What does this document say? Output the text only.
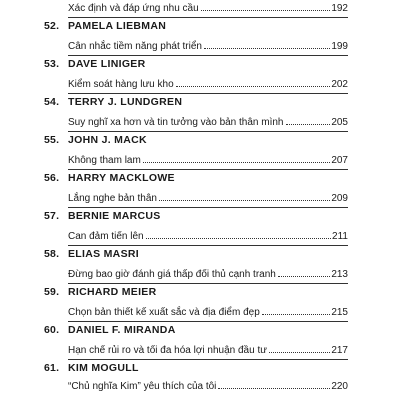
Xác định và đáp ứng nhu cầu	192
52. PAMELA LIEBMAN
Cân nhắc tiềm năng phát triển	199
53. DAVE LINIGER
Kiểm soát hàng lưu kho	202
54. TERRY J. LUNDGREN
Suy nghĩ xa hơn và tin tưởng vào bản thân mình	205
55. JOHN J. MACK
Không tham lam	207
56. HARRY MACKLOWE
Lắng nghe bản thân	209
57. BERNIE MARCUS
Can đảm tiến lên	211
58. ELIAS MASRI
Đừng bao giờ đánh giá thấp đối thủ cạnh tranh	213
59. RICHARD MEIER
Chọn bản thiết kế xuất sắc và địa điểm đẹp	215
60. DANIEL F. MIRANDA
Hạn chế rủi ro và tối đa hóa lợi nhuận đầu tư	217
61. KIM MOGULL
“Chủ nghĩa Kim” yêu thích của tôi	220
